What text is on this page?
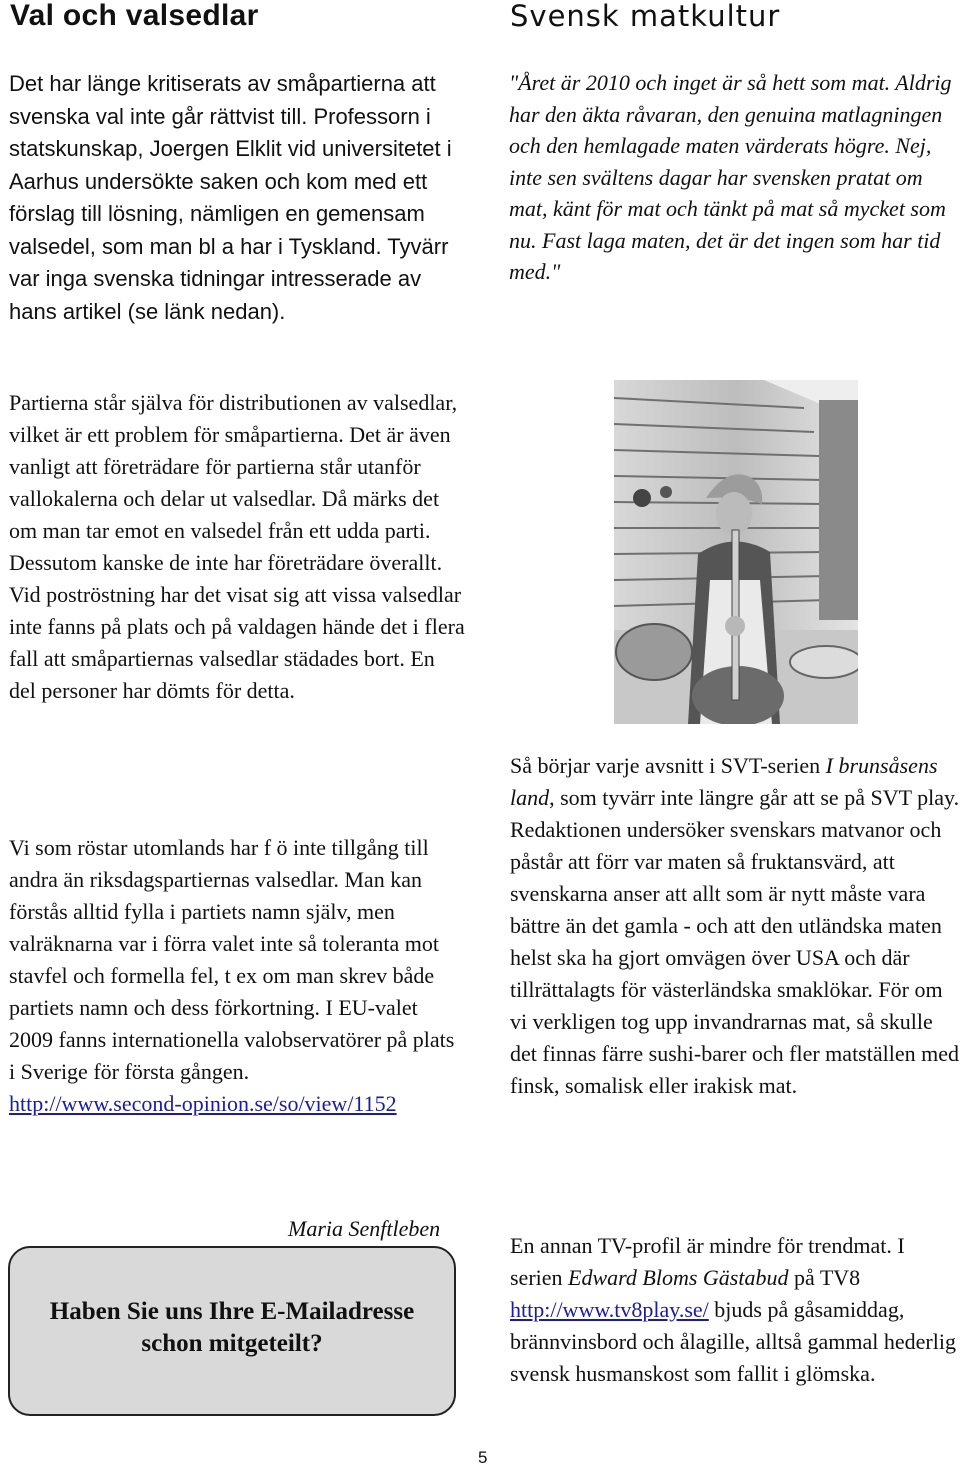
Val och valsedlar

Det har länge kritiserats av småpartierna att svenska val inte går rättvist till. Professorn i statskunskap, Joergen Elklit vid universitetet i Aarhus undersökte saken och kom med ett förslag till lösning, nämligen en gemensam valsedel, som man bl a har i Tyskland. Tyvärr var inga svenska tidningar intresserade av hans artikel (se länk nedan).

Partierna står själva för distributionen av valsedlar, vilket är ett problem för småpartierna. Det är även vanligt att företrädare för partierna står utanför vallokalerna och delar ut valsedlar. Då märks det om man tar emot en valsedel från ett udda parti. Dessutom kanske de inte har företrädare överallt. Vid poströstning har det visat sig att vissa valsedlar inte fanns på plats och på valdagen hände det i flera fall att småpartiernas valsedlar städades bort. En del personer har dömts för detta.

Vi som röstar utomlands har f ö inte tillgång till andra än riksdagspartiernas valsedlar. Man kan förstås alltid fylla i partiets namn själv, men valräknarna var i förra valet inte så toleranta mot stavfel och formella fel, t ex om man skrev både partiets namn och dess förkortning. I EU-valet 2009 fanns internationella valobservatörer på plats i Sverige för första gången.
http://www.second-opinion.se/so/view/1152

Maria Senftleben
Haben Sie uns Ihre E-Mailadresse schon mitgeteilt?
Svensk matkultur

"Året är 2010 och inget är så hett som mat. Aldrig har den äkta råvaran, den genuina matlagningen och den hemlagade maten värderats högre. Nej, inte sen svältens dagar har svensken pratat om mat, känt för mat och tänkt på mat så mycket som nu. Fast laga maten, det är det ingen som har tid med."

Så börjar varje avsnitt i SVT-serien I brunsåsens land, som tyvärr inte längre går att se på SVT play. Redaktionen undersöker svenskars matvanor och påstår att förr var maten så fruktansvärd, att svenskarna anser att allt som är nytt måste vara bättre än det gamla - och att den utländska maten helst ska ha gjort omvägen över USA och där tillrättalagts för västerländska smaklökar. För om vi verkligen tog upp invandrarnas mat, så skulle det finnas färre sushi-barer och fler matställen med finsk, somalisk eller irakisk mat.

En annan TV-profil är mindre för trendmat. I serien Edward Bloms Gästabud på TV8 http://www.tv8play.se/ bjuds på gåsamiddag, brännvinsbord och ålagille, alltså gammal hederlig svensk husmanskost som fallit i glömska.

5
